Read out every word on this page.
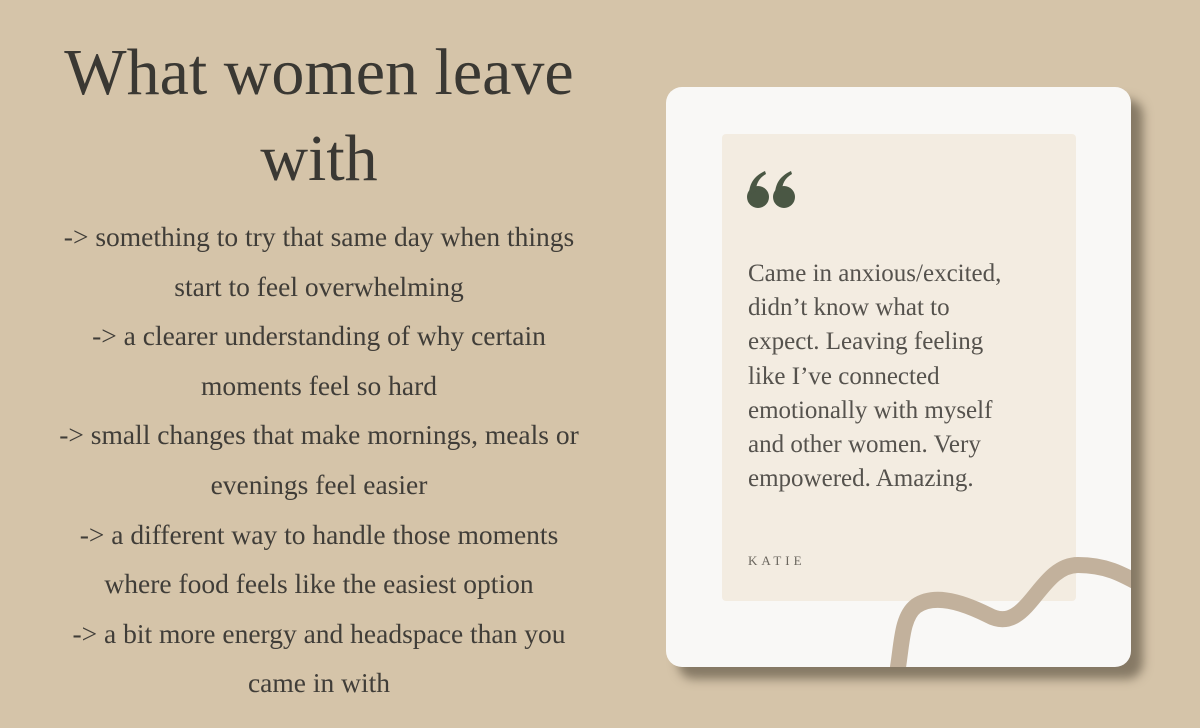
What women leave
with
-> something to try that same day when things
start to feel overwhelming
-> a clearer understanding of why certain
moments feel so hard
-> small changes that make mornings, meals or
evenings feel easier
-> a different way to handle those moments
where food feels like the easiest option
-> a bit more energy and headspace than you
came in with

Came in anxious/excited,
didn’t know what to
expect. Leaving feeling
like I’ve connected
emotionally with myself
and other women. Very
empowered. Amazing.

KATIE
